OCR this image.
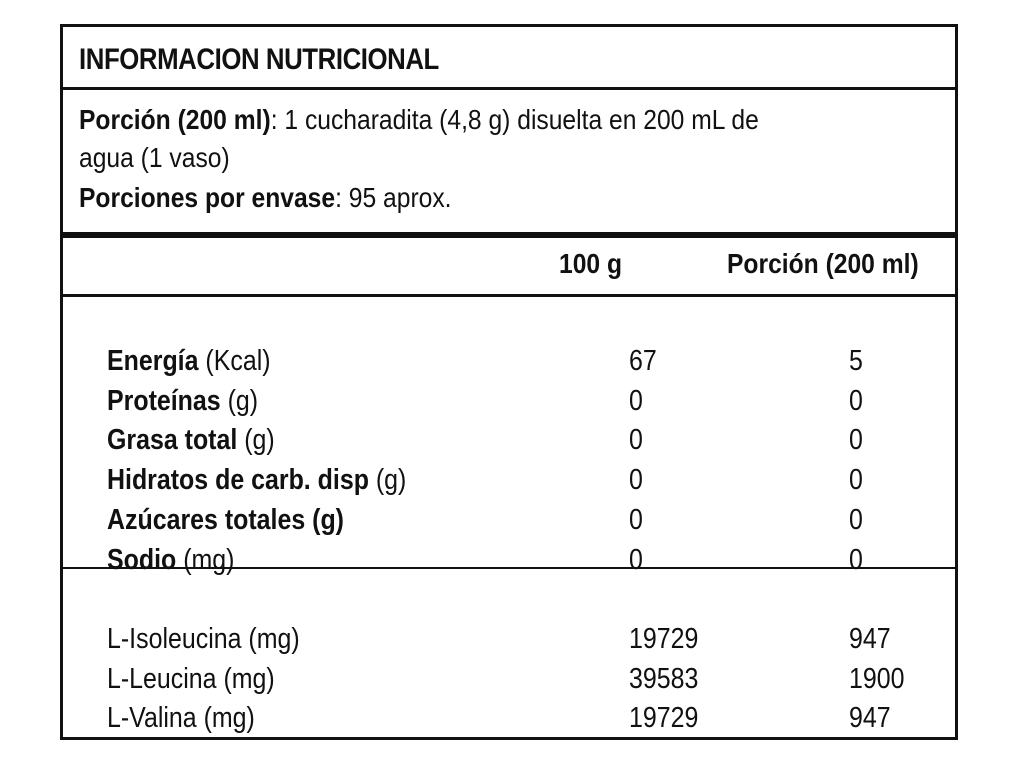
INFORMACION NUTRICIONAL
Porción (200 ml): 1 cucharadita (4,8 g) disuelta en 200 mL de
agua (1 vaso)
Porciones por envase: 95 aprox.
100 g	Porción (200 ml)
Energía (Kcal)	67	5
Proteínas (g)	0	0
Grasa total (g)	0	0
Hidratos de carb. disp (g)	0	0
Azúcares totales (g)	0	0
Sodio (mg)	0	0
L-Isoleucina (mg)	19729	947
L-Leucina (mg)	39583	1900
L-Valina (mg)	19729	947
